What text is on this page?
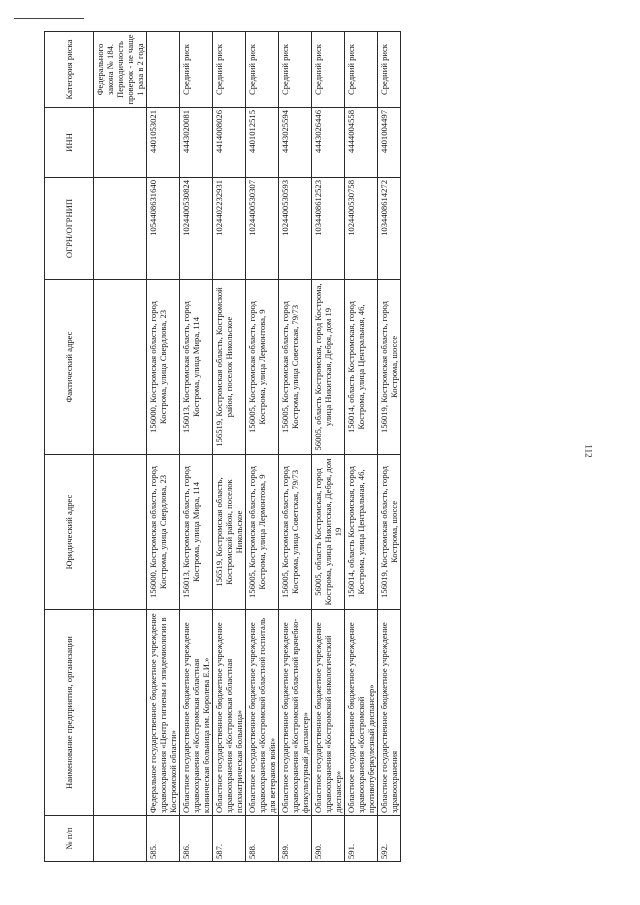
112
№ п/п	Наименование предприятия, организации	Юридический адрес	Фактический адрес	ОГРН/ОГРНИП	ИНН	Категория риска
						Федерального закона № 184. Периодичность проверок - не чаще 1 раза в 2 года
585.	Федеральное государственное бюджетное учреждение здравоохранения «Центр гигиены и эпидемиологии в Костромской области»	156000, Костромская область, город Кострома, улица Свердлова, 23	156000, Костромская область, город Кострома, улица Свердлова, 23	1054408631640	4401053021	
586.	Областное государственное бюджетное учреждение здравоохранения «Костромская областная клиническая больница им. Королева Е.И.»	156013, Костромская область, город Кострома, улица Мира, 114	156013, Костромская область, город Кострома, улица Мира, 114	1024400530824	4443020081	Средний риск
587.	Областное государственное бюджетное учреждение здравоохранения «Костромская областная психиатрическая больница»	156519, Костромская область, Костромской район, поселок Никольское	156519, Костромская область, Костромской район, поселок Никольское	1024402232931	4414008026	Средний риск
588.	Областное государственное бюджетное учреждение здравоохранения «Костромской областной госпиталь для ветеранов войн»	156005, Костромская область, город Кострома, улица Лермонтова, 9	156005, Костромская область, город Кострома, улица Лермонтова, 9	1024400530307	4401012515	Средний риск
589.	Областное государственное бюджетное учреждение здравоохранения «Костромской областной врачебно-физкультурный диспансер»	156005, Костромская область, город Кострома, улица Советская, 79/73	156005, Костромская область, город Кострома, улица Советская, 79/73	1024400530593	4443025594	Средний риск
590.	Областное государственное бюджетное учреждение здравоохранения «Костромской онкологический диспансер»	56005, область Костромская, город Кострома, улица Никитская, Дебря, дом 19	56005, область Костромская, город Кострома, улица Никитская, Дебря, дом 19	1034408612523	4443026446	Средний риск
591.	Областное государственное бюджетное учреждение здравоохранения «Костромской противотуберкулезный диспансер»	156014, область Костромская, город Кострома, улица Центральная, 46,	156014, область Костромская, город Кострома, улица Центральная, 46,	1024400530758	4444004558	Средний риск
592.	Областное государственное бюджетное учреждение здравоохранения	156019, Костромская область, город Кострома, шоссе	156019, Костромская область, город Кострома, шоссе	1034408614272	4401004497	Средний риск
